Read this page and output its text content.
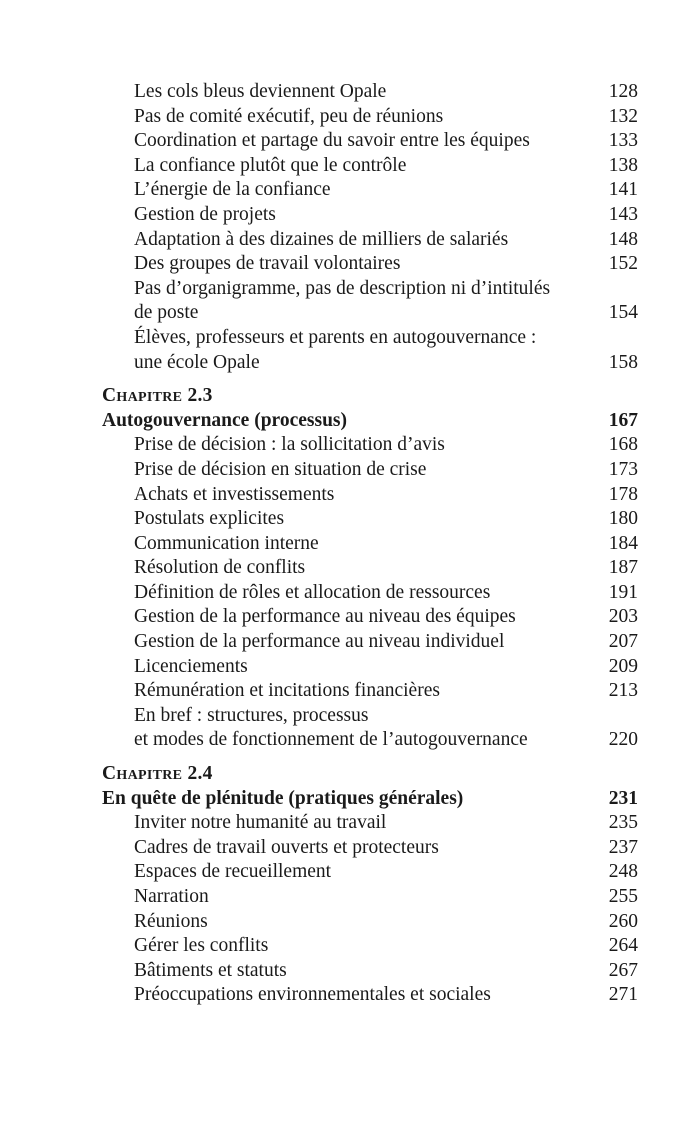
Les cols bleus deviennent Opale	128
Pas de comité exécutif, peu de réunions	132
Coordination et partage du savoir entre les équipes	133
La confiance plutôt que le contrôle	138
L’énergie de la confiance	141
Gestion de projets	143
Adaptation à des dizaines de milliers de salariés	148
Des groupes de travail volontaires	152
Pas d’organigramme, pas de description ni d’intitulés
de poste	154
Élèves, professeurs et parents en autogouvernance :
une école Opale	158
Chapitre 2.3
Autogouvernance (processus)	167
Prise de décision : la sollicitation d’avis	168
Prise de décision en situation de crise	173
Achats et investissements	178
Postulats explicites	180
Communication interne	184
Résolution de conflits	187
Définition de rôles et allocation de ressources	191
Gestion de la performance au niveau des équipes	203
Gestion de la performance au niveau individuel	207
Licenciements	209
Rémunération et incitations financières	213
En bref : structures, processus
et modes de fonctionnement de l’autogouvernance	220
Chapitre 2.4
En quête de plénitude (pratiques générales)	231
Inviter notre humanité au travail	235
Cadres de travail ouverts et protecteurs	237
Espaces de recueillement	248
Narration	255
Réunions	260
Gérer les conflits	264
Bâtiments et statuts	267
Préoccupations environnementales et sociales	271
